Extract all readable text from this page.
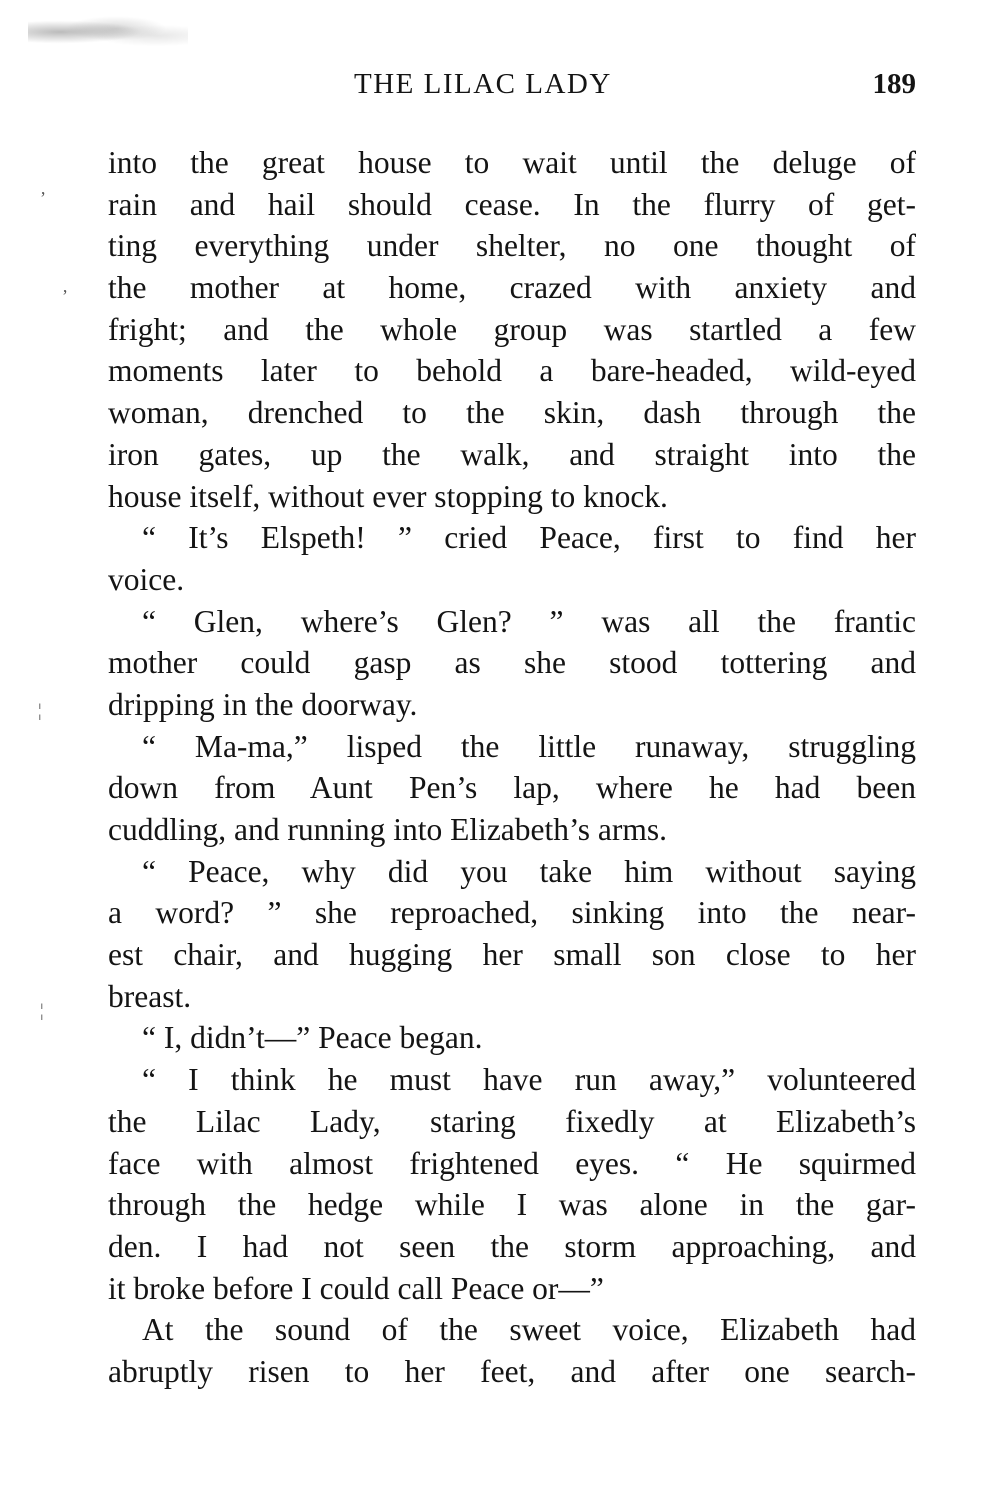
’
‚
¦
¦
THE LILAC LADY	189
into the great house to wait until the deluge of
rain and hail should cease. In the flurry of get-
ting everything under shelter, no one thought of
the mother at home, crazed with anxiety and
fright; and the whole group was startled a few
moments later to behold a bare-headed, wild-eyed
woman, drenched to the skin, dash through the
iron gates, up the walk, and straight into the
house itself, without ever stopping to knock.
“ It’s Elspeth! ” cried Peace, first to find her
voice.
“ Glen, where’s Glen? ” was all the frantic
mother could gasp as she stood tottering and
dripping in the doorway.
“ Ma-ma,” lisped the little runaway, struggling
down from Aunt Pen’s lap, where he had been
cuddling, and running into Elizabeth’s arms.
“ Peace, why did you take him without saying
a word? ” she reproached, sinking into the near-
est chair, and hugging her small son close to her
breast.
“ I, didn’t—” Peace began.
“ I think he must have run away,” volunteered
the Lilac Lady, staring fixedly at Elizabeth’s
face with almost frightened eyes. “ He squirmed
through the hedge while I was alone in the gar-
den. I had not seen the storm approaching, and
it broke before I could call Peace or—”
At the sound of the sweet voice, Elizabeth had
abruptly risen to her feet, and after one search-
